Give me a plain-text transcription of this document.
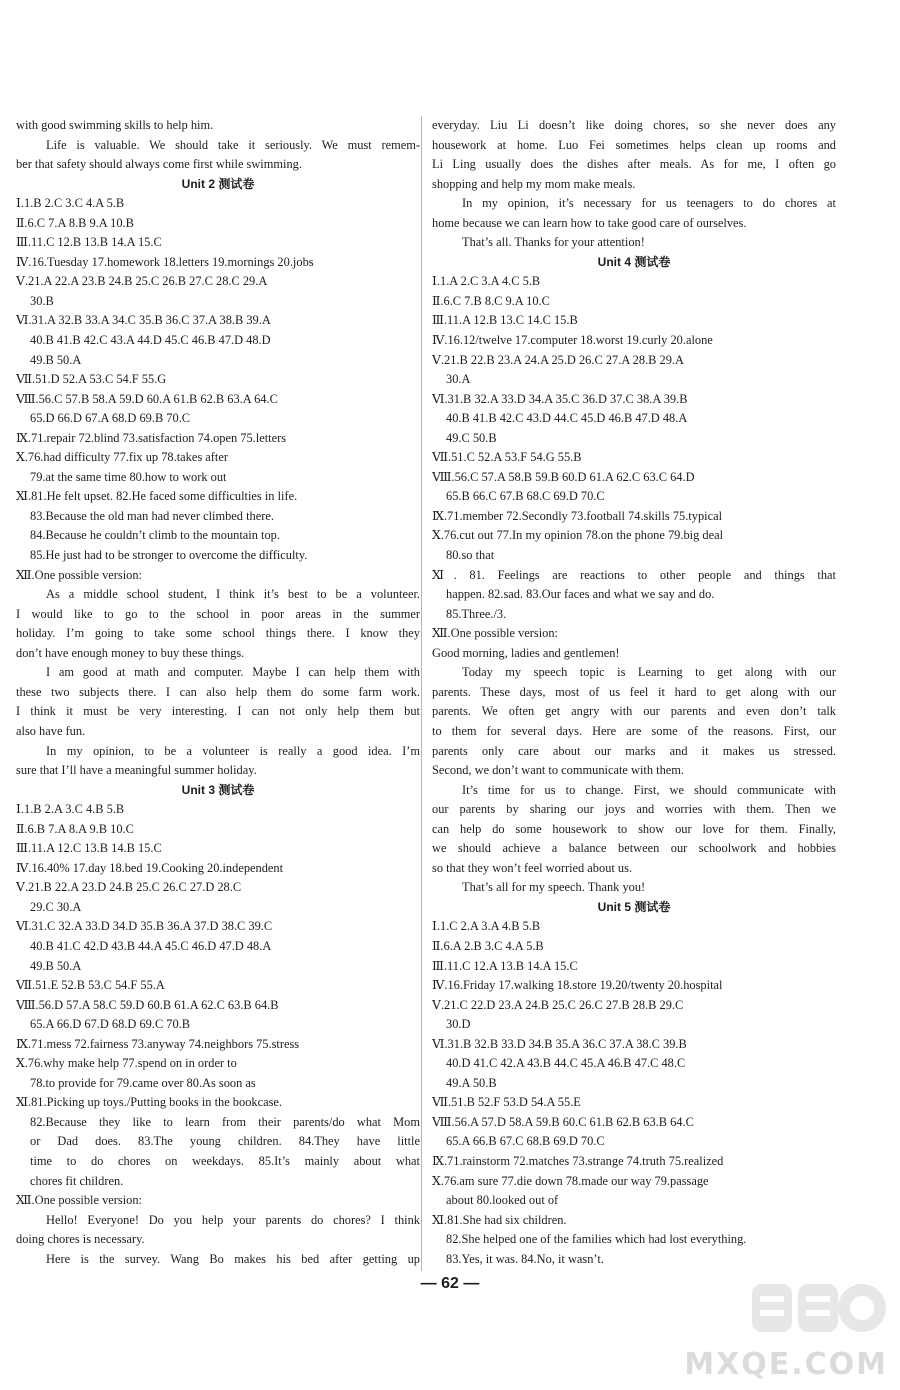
with good swimming skills to help him.
Life is valuable. We should take it seriously. We must remem-
ber that safety should always come first while swimming.
Unit 2 测试卷
Ⅰ.1.B 2.C 3.C 4.A 5.B
Ⅱ.6.C 7.A 8.B 9.A 10.B
Ⅲ.11.C 12.B 13.B 14.A 15.C
Ⅳ.16.Tuesday 17.homework 18.letters 19.mornings 20.jobs
Ⅴ.21.A 22.A 23.B 24.B 25.C 26.B 27.C 28.C 29.A
30.B
Ⅵ.31.A 32.B 33.A 34.C 35.B 36.C 37.A 38.B 39.A
40.B 41.B 42.C 43.A 44.D 45.C 46.B 47.D 48.D
49.B 50.A
Ⅶ.51.D 52.A 53.C 54.F 55.G
Ⅷ.56.C 57.B 58.A 59.D 60.A 61.B 62.B 63.A 64.C
65.D 66.D 67.A 68.D 69.B 70.C
Ⅸ.71.repair 72.blind 73.satisfaction 74.open 75.letters
Ⅹ.76.had difficulty 77.fix up 78.takes after
79.at the same time 80.how to work out
Ⅺ.81.He felt upset. 82.He faced some difficulties in life.
83.Because the old man had never climbed there.
84.Because he couldn’t climb to the mountain top.
85.He just had to be stronger to overcome the difficulty.
Ⅻ.One possible version:
As a middle school student, I think it’s best to be a volunteer.
I would like to go to the school in poor areas in the summer
holiday. I’m going to take some school things there. I know they
don’t have enough money to buy these things.
I am good at math and computer. Maybe I can help them with
these two subjects there. I can also help them do some farm work.
I think it must be very interesting. I can not only help them but
also have fun.
In my opinion, to be a volunteer is really a good idea. I’m
sure that I’ll have a meaningful summer holiday.
Unit 3 测试卷
Ⅰ.1.B 2.A 3.C 4.B 5.B
Ⅱ.6.B 7.A 8.A 9.B 10.C
Ⅲ.11.A 12.C 13.B 14.B 15.C
Ⅳ.16.40% 17.day 18.bed 19.Cooking 20.independent
Ⅴ.21.B 22.A 23.D 24.B 25.C 26.C 27.D 28.C
29.C 30.A
Ⅵ.31.C 32.A 33.D 34.D 35.B 36.A 37.D 38.C 39.C
40.B 41.C 42.D 43.B 44.A 45.C 46.D 47.D 48.A
49.B 50.A
Ⅶ.51.E 52.B 53.C 54.F 55.A
Ⅷ.56.D 57.A 58.C 59.D 60.B 61.A 62.C 63.B 64.B
65.A 66.D 67.D 68.D 69.C 70.B
Ⅸ.71.mess 72.fairness 73.anyway 74.neighbors 75.stress
Ⅹ.76.why make help 77.spend on in order to
78.to provide for 79.came over 80.As soon as
Ⅺ.81.Picking up toys./Putting books in the bookcase.
82.Because they like to learn from their parents/do what Mom
or Dad does. 83.The young children. 84.They have little
time to do chores on weekdays. 85.It’s mainly about what
chores fit children.
Ⅻ.One possible version:
Hello! Everyone! Do you help your parents do chores? I think
doing chores is necessary.
Here is the survey. Wang Bo makes his bed after getting up
everyday. Liu Li doesn’t like doing chores, so she never does any
housework at home. Luo Fei sometimes helps clean up rooms and
Li Ling usually does the dishes after meals. As for me, I often go
shopping and help my mom make meals.
In my opinion, it’s necessary for us teenagers to do chores at
home because we can learn how to take good care of ourselves.
That’s all. Thanks for your attention!
Unit 4 测试卷
Ⅰ.1.A 2.C 3.A 4.C 5.B
Ⅱ.6.C 7.B 8.C 9.A 10.C
Ⅲ.11.A 12.B 13.C 14.C 15.B
Ⅳ.16.12/twelve 17.computer 18.worst 19.curly 20.alone
Ⅴ.21.B 22.B 23.A 24.A 25.D 26.C 27.A 28.B 29.A
30.A
Ⅵ.31.B 32.A 33.D 34.A 35.C 36.D 37.C 38.A 39.B
40.B 41.B 42.C 43.D 44.C 45.D 46.B 47.D 48.A
49.C 50.B
Ⅶ.51.C 52.A 53.F 54.G 55.B
Ⅷ.56.C 57.A 58.B 59.B 60.D 61.A 62.C 63.C 64.D
65.B 66.C 67.B 68.C 69.D 70.C
Ⅸ.71.member 72.Secondly 73.football 74.skills 75.typical
Ⅹ.76.cut out 77.In my opinion 78.on the phone 79.big deal
80.so that
Ⅺ. 81. Feelings are reactions to other people and things that
happen. 82.sad. 83.Our faces and what we say and do.
85.Three./3.
Ⅻ.One possible version:
Good morning, ladies and gentlemen!
Today my speech topic is Learning to get along with our
parents. These days, most of us feel it hard to get along with our
parents. We often get angry with our parents and even don’t talk
to them for several days. Here are some of the reasons. First, our
parents only care about our marks and it makes us stressed.
Second, we don’t want to communicate with them.
It’s time for us to change. First, we should communicate with
our parents by sharing our joys and worries with them. Then we
can help do some housework to show our love for them. Finally,
we should achieve a balance between our schoolwork and hobbies
so that they won’t feel worried about us.
That’s all for my speech. Thank you!
Unit 5 测试卷
Ⅰ.1.C 2.A 3.A 4.B 5.B
Ⅱ.6.A 2.B 3.C 4.A 5.B
Ⅲ.11.C 12.A 13.B 14.A 15.C
Ⅳ.16.Friday 17.walking 18.store 19.20/twenty 20.hospital
Ⅴ.21.C 22.D 23.A 24.B 25.C 26.C 27.B 28.B 29.C
30.D
Ⅵ.31.B 32.B 33.D 34.B 35.A 36.C 37.A 38.C 39.B
40.D 41.C 42.A 43.B 44.C 45.A 46.B 47.C 48.C
49.A 50.B
Ⅶ.51.B 52.F 53.D 54.A 55.E
Ⅷ.56.A 57.D 58.A 59.B 60.C 61.B 62.B 63.B 64.C
65.A 66.B 67.C 68.B 69.D 70.C
Ⅸ.71.rainstorm 72.matches 73.strange 74.truth 75.realized
Ⅹ.76.am sure 77.die down 78.made our way 79.passage
about 80.looked out of
Ⅺ.81.She had six children.
82.She helped one of the families which had lost everything.
83.Yes, it was. 84.No, it wasn’t.
— 62 —
MXQE.COM
